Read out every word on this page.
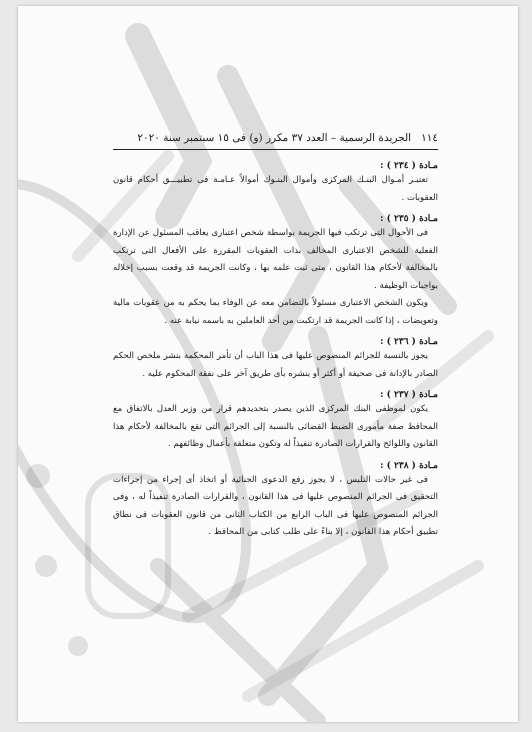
١١٤   الجريدة الرسمية – العدد ٣٧ مكرر (و) فى ١٥ سبتمبر سنة ٢٠٢٠
مـادة ( ٢٣٤ ) :

تعتبـر أمـوال البنـك المركزى وأموال البنـوك أموالاً عـامـة فى تطبيـــق أحكام قانون العقوبات .

مـادة ( ٢٣٥ ) :

فى الأحوال التى ترتكب فيها الجريمة بواسطة شخص اعتبارى يعاقب المسئول عن الإدارة الفعلية للشخص الاعتبارى المخالف بذات العقوبات المقررة على الأفعال التى ترتكب بالمخالفة لأحكام هذا القانون ، متى ثبت علمه بها ، وكانت الجريمة قد وقعت بسبب إخلاله بواجبات الوظيفة .

ويكون الشخص الاعتبارى مسئولاً بالتضامن معه عن الوفاء بما يحكم به من عقوبات مالية وتعويضات ، إذا كانت الجريمة قد ارتكبت من أحد العاملين به باسمه نيابة عنه .

مـادة ( ٢٣٦ ) :

يجوز بالنسبة للجرائم المنصوص عليها فى هذا الباب أن تأمر المحكمة بنشر ملخص الحكم الصادر بالإدانة فى صحيفة أو أكثر أو بنشره بأى طريق آخر على نفقة المحكوم عليه .

مـادة ( ٢٣٧ ) :

يكون لموظفى البنك المركزى الذين يصدر بتحديدهم قرار من وزير العدل بالاتفاق مع المحافظ صفة مأمورى الضبط القضائى بالنسبة إلى الجرائم التى تقع بالمخالفة لأحكام هذا القانون واللوائح والقرارات الصادرة تنفيذاً له وتكون متعلقة بأعمال وظائفهم .

مـادة ( ٢٣٨ ) :

فى غير حالات التلبس ، لا يجوز رفع الدعوى الجنائية أو اتخاذ أى إجراء من إجراءات التحقيق فى الجرائم المنصوص عليها فى هذا القانون ، والقرارات الصادرة تنفيذاً له ، وفى الجرائم المنصوص عليها فى الباب الرابع من الكتاب الثانى من قانون العقوبات فى نطاق تطبيق أحكام هذا القانون ، إلا بناءً على طلب كتابى من المحافظ .
